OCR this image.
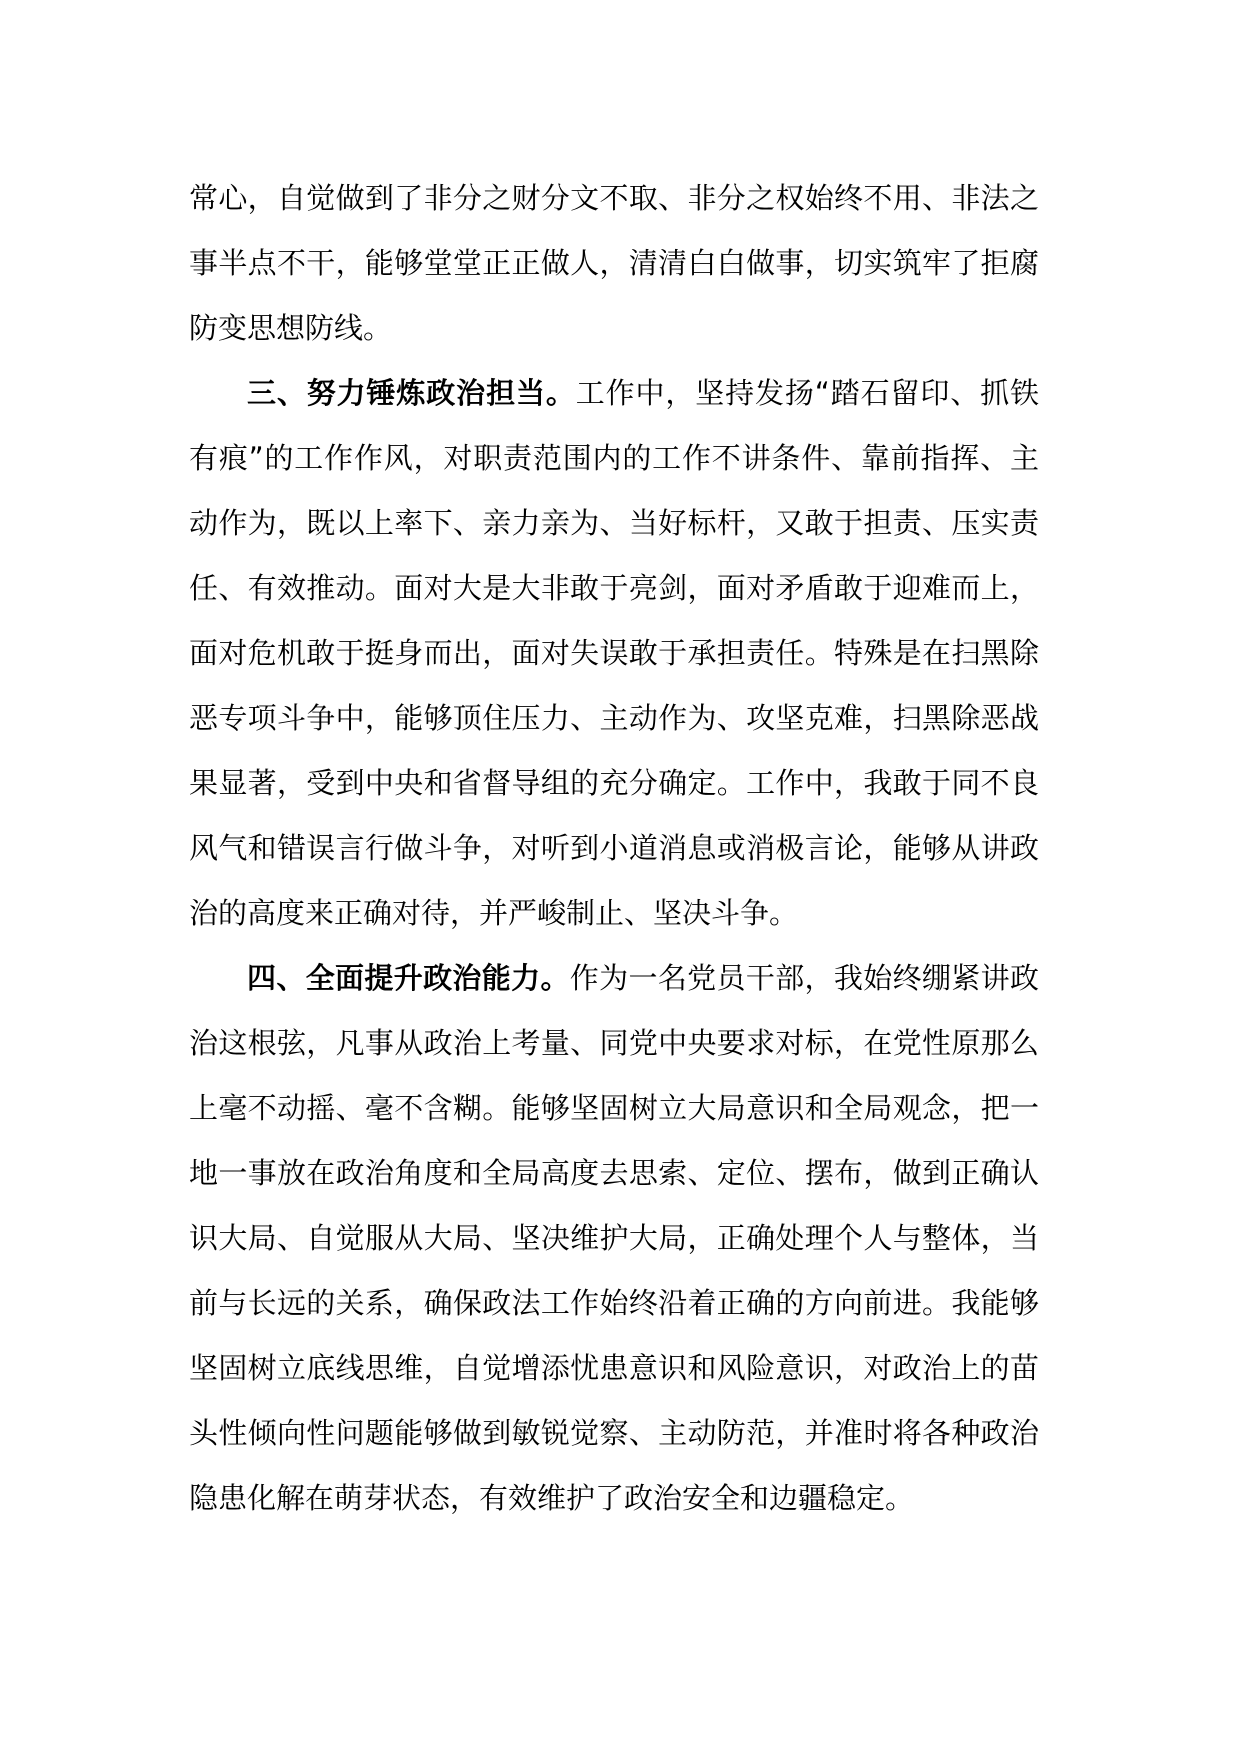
常心，自觉做到了非分之财分文不取、非分之权始终不用、非法之事半点不干，能够堂堂正正做人，清清白白做事，切实筑牢了拒腐防变思想防线。

三、努力锤炼政治担当。工作中，坚持发扬“踏石留印、抓铁有痕”的工作作风，对职责范围内的工作不讲条件、靠前指挥、主动作为，既以上率下、亲力亲为、当好标杆，又敢于担责、压实责任、有效推动。面对大是大非敢于亮剑，面对矛盾敢于迎难而上，面对危机敢于挺身而出，面对失误敢于承担责任。特殊是在扫黑除恶专项斗争中，能够顶住压力、主动作为、攻坚克难，扫黑除恶战果显著，受到中央和省督导组的充分确定。工作中，我敢于同不良风气和错误言行做斗争，对听到小道消息或消极言论，能够从讲政治的高度来正确对待，并严峻制止、坚决斗争。

四、全面提升政治能力。作为一名党员干部，我始终绷紧讲政治这根弦，凡事从政治上考量、同党中央要求对标，在党性原那么上毫不动摇、毫不含糊。能够坚固树立大局意识和全局观念，把一地一事放在政治角度和全局高度去思索、定位、摆布，做到正确认识大局、自觉服从大局、坚决维护大局，正确处理个人与整体，当前与长远的关系，确保政法工作始终沿着正确的方向前进。我能够坚固树立底线思维，自觉增添忧患意识和风险意识，对政治上的苗头性倾向性问题能够做到敏锐觉察、主动防范，并准时将各种政治隐患化解在萌芽状态，有效维护了政治安全和边疆稳定。
